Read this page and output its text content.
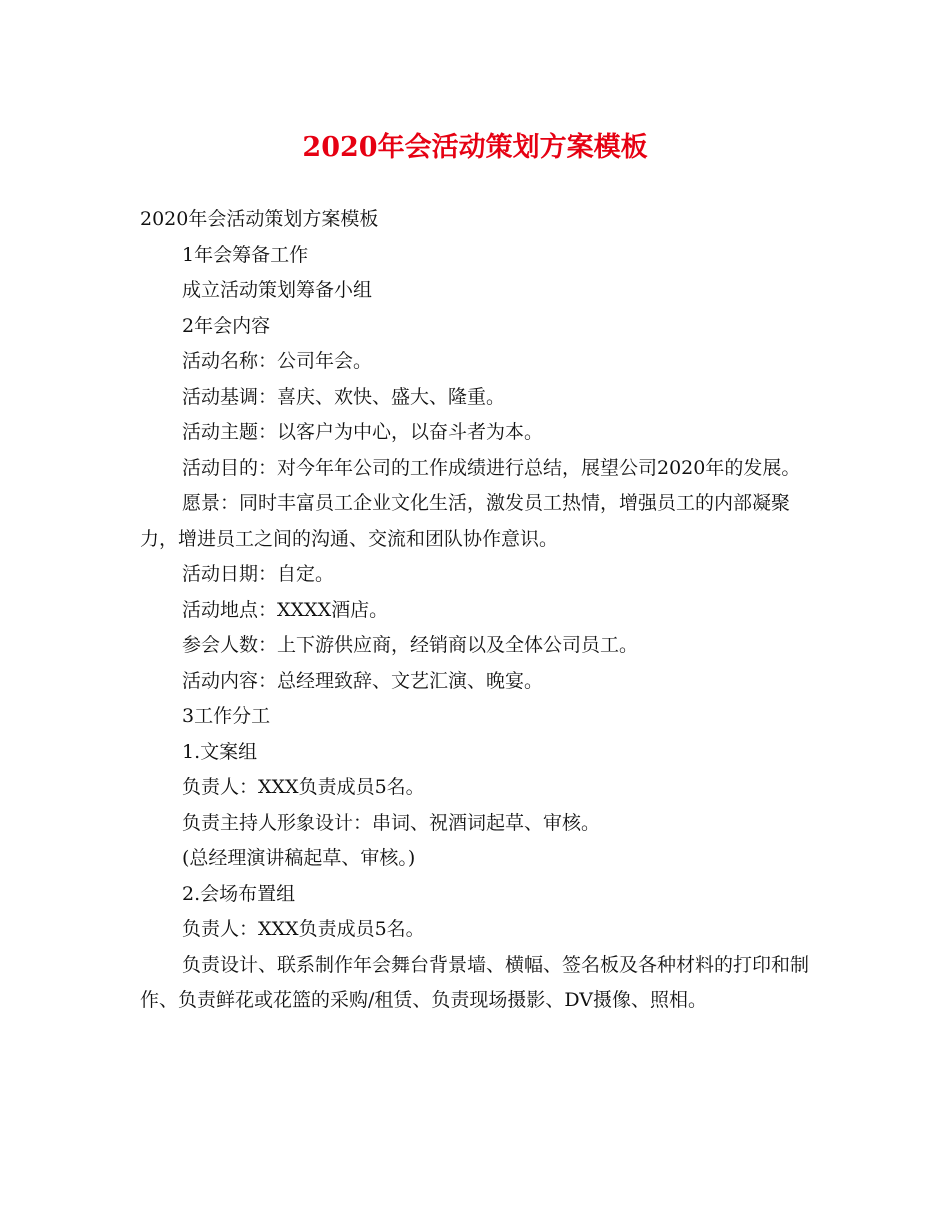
2020年会活动策划方案模板

2020年会活动策划方案模板

1年会筹备工作

成立活动策划筹备小组

2年会内容

活动名称：公司年会。

活动基调：喜庆、欢快、盛大、隆重。

活动主题：以客户为中心，以奋斗者为本。

活动目的：对今年年公司的工作成绩进行总结，展望公司2020年的发展。

愿景：同时丰富员工企业文化生活，激发员工热情，增强员工的内部凝聚力，增进员工之间的沟通、交流和团队协作意识。

活动日期：自定。

活动地点：XXXX酒店。

参会人数：上下游供应商，经销商以及全体公司员工。

活动内容：总经理致辞、文艺汇演、晚宴。

3工作分工

1.文案组

负责人：XXX负责成员5名。

负责主持人形象设计：串词、祝酒词起草、审核。

(总经理演讲稿起草、审核。)

2.会场布置组

负责人：XXX负责成员5名。

负责设计、联系制作年会舞台背景墙、横幅、签名板及各种材料的打印和制作、负责鲜花或花篮的采购/租赁、负责现场摄影、DV摄像、照相。
